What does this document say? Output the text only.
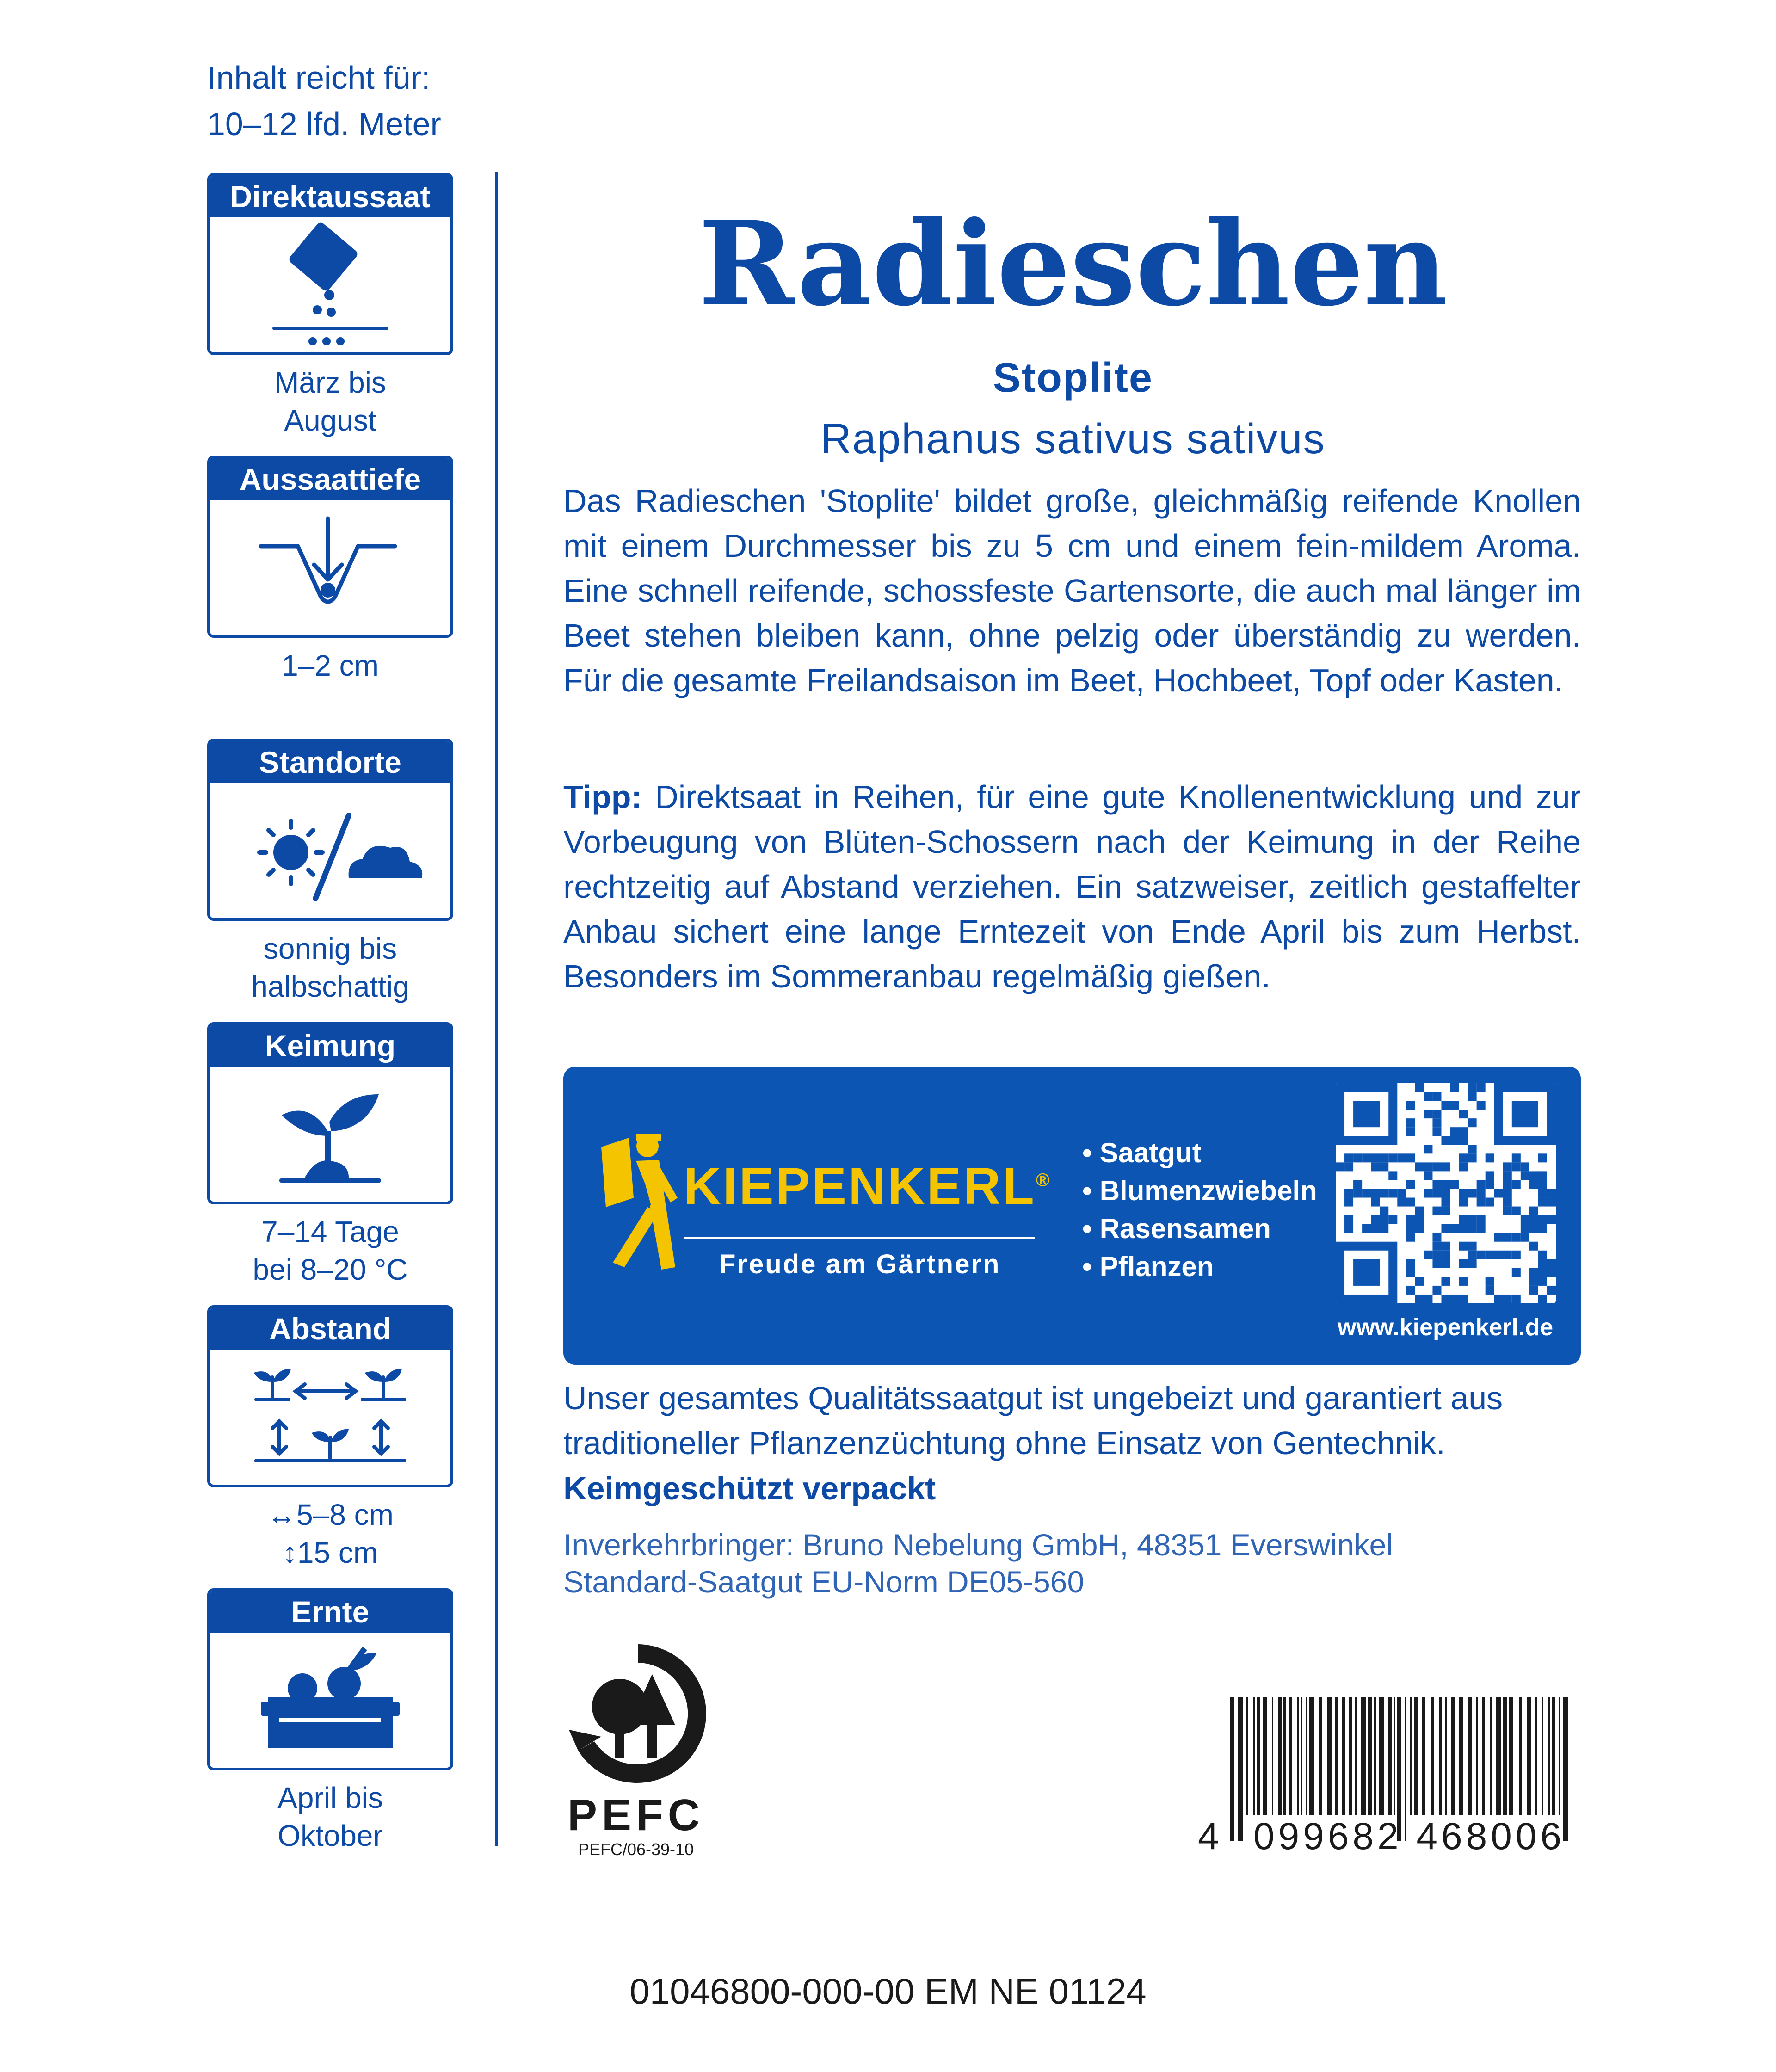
Inhalt reicht für:
10–12 lfd. Meter
Direktaussaat
März bis
August
Aussaattiefe
1–2 cm
Standorte
sonnig bis
halbschattig
Keimung
7–14 Tage
bei 8–20 °C
Abstand
↔5–8 cm
↕15 cm
Ernte
April bis
Oktober
Radieschen
Stoplite
Raphanus sativus sativus
Das Radieschen 'Stoplite' bildet große, gleichmäßig reifende Knollen mit einem Durchmesser bis zu 5 cm und einem fein-mildem Aroma. Eine schnell reifende, schossfeste Gartensorte, die auch mal länger im Beet stehen bleiben kann, ohne pelzig oder überständig zu werden. Für die gesamte Freilandsaison im Beet, Hochbeet, Topf oder Kasten.
Tipp: Direktsaat in Reihen, für eine gute Knollenentwicklung und zur Vorbeugung von Blüten-Schossern nach der Keimung in der Reihe rechtzeitig auf Abstand verziehen. Ein satzweiser, zeitlich gestaffelter Anbau sichert eine lange Erntezeit von Ende April bis zum Herbst. Besonders im Sommeranbau regelmäßig gießen.
KIEPENKERL®
Freude am Gärtnern
• Saatgut
• Blumenzwiebeln
• Rasensamen
• Pflanzen
www.kiepenkerl.de
Unser gesamtes Qualitätssaatgut ist ungebeizt und garantiert aus traditioneller Pflanzenzüchtung ohne Einsatz von Gentechnik.
Keimgeschützt verpackt
Inverkehrbringer: Bruno Nebelung GmbH, 48351 Everswinkel
Standard-Saatgut EU-Norm DE05-560
PEFC
PEFC/06-39-10	4 099682 468006
01046800-000-00 EM NE 01124
